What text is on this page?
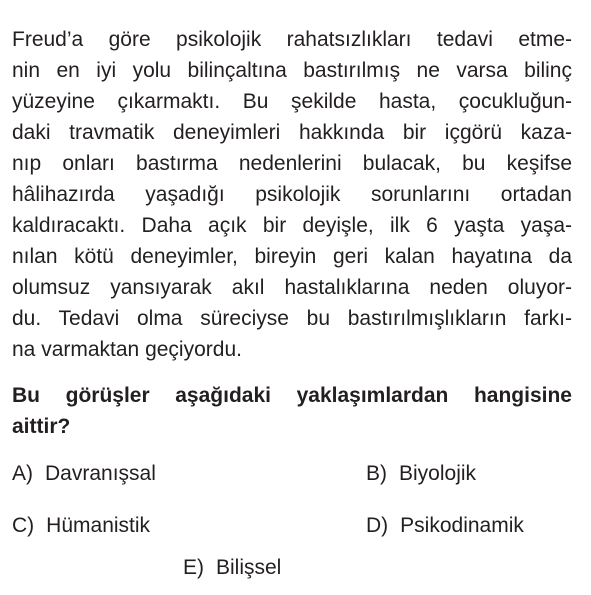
Freud’a göre psikolojik rahatsızlıkları tedavi etme-
nin en iyi yolu bilinçaltına bastırılmış ne varsa bilinç
yüzeyine çıkarmaktı. Bu şekilde hasta, çocukluğun-
daki travmatik deneyimleri hakkında bir içgörü kaza-
nıp onları bastırma nedenlerini bulacak, bu keşifse
hâlihazırda yaşadığı psikolojik sorunlarını ortadan
kaldıracaktı. Daha açık bir deyişle, ilk 6 yaşta yaşa-
nılan kötü deneyimler, bireyin geri kalan hayatına da
olumsuz yansıyarak akıl hastalıklarına neden oluyor-
du. Tedavi olma süreciyse bu bastırılmışlıkların farkı-
na varmaktan geçiyordu.
Bu görüşler aşağıdaki yaklaşımlardan hangisine
aittir?
A) Davranışsal	B) Biyolojik
C) Hümanistik	D) Psikodinamik
E) Bilişsel
